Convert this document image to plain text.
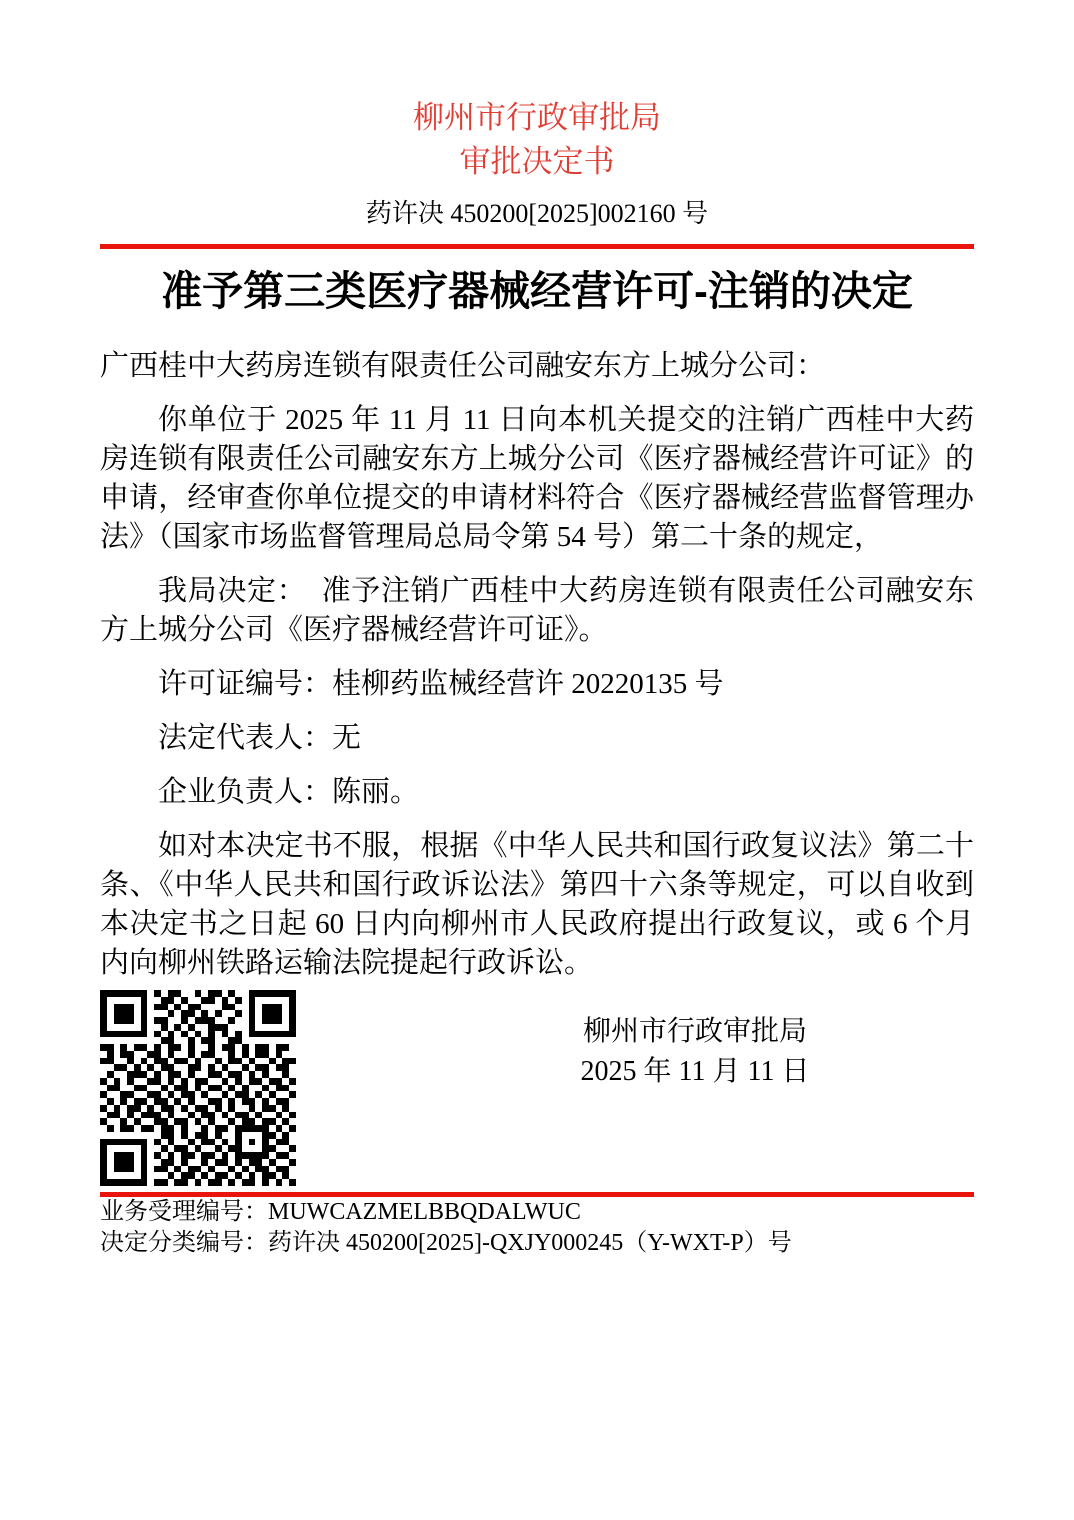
柳州市行政审批局
审批决定书
药许决 450200[2025]002160 号
准予第三类医疗器械经营许可-注销的决定

广西桂中大药房连锁有限责任公司融安东方上城分公司：

你单位于 2025 年 11 月 11 日向本机关提交的注销广西桂中大药房连锁有限责任公司融安东方上城分公司《医疗器械经营许可证》的申请，经审查你单位提交的申请材料符合《医疗器械经营监督管理办法》（国家市场监督管理局总局令第 54 号）第二十条的规定，

我局决定：　准予注销广西桂中大药房连锁有限责任公司融安东方上城分公司《医疗器械经营许可证》。

许可证编号：桂柳药监械经营许 20220135 号

法定代表人：无

企业负责人：陈丽。

如对本决定书不服，根据《中华人民共和国行政复议法》第二十条、《中华人民共和国行政诉讼法》第四十六条等规定，可以自收到本决定书之日起 60 日内向柳州市人民政府提出行政复议，或 6 个月内向柳州铁路运输法院提起行政诉讼。

柳州市行政审批局
2025 年 11 月 11 日
业务受理编号：MUWCAZMELBBQDALWUC
决定分类编号：药许决 450200[2025]-QXJY000245（Y-WXT-P）号
